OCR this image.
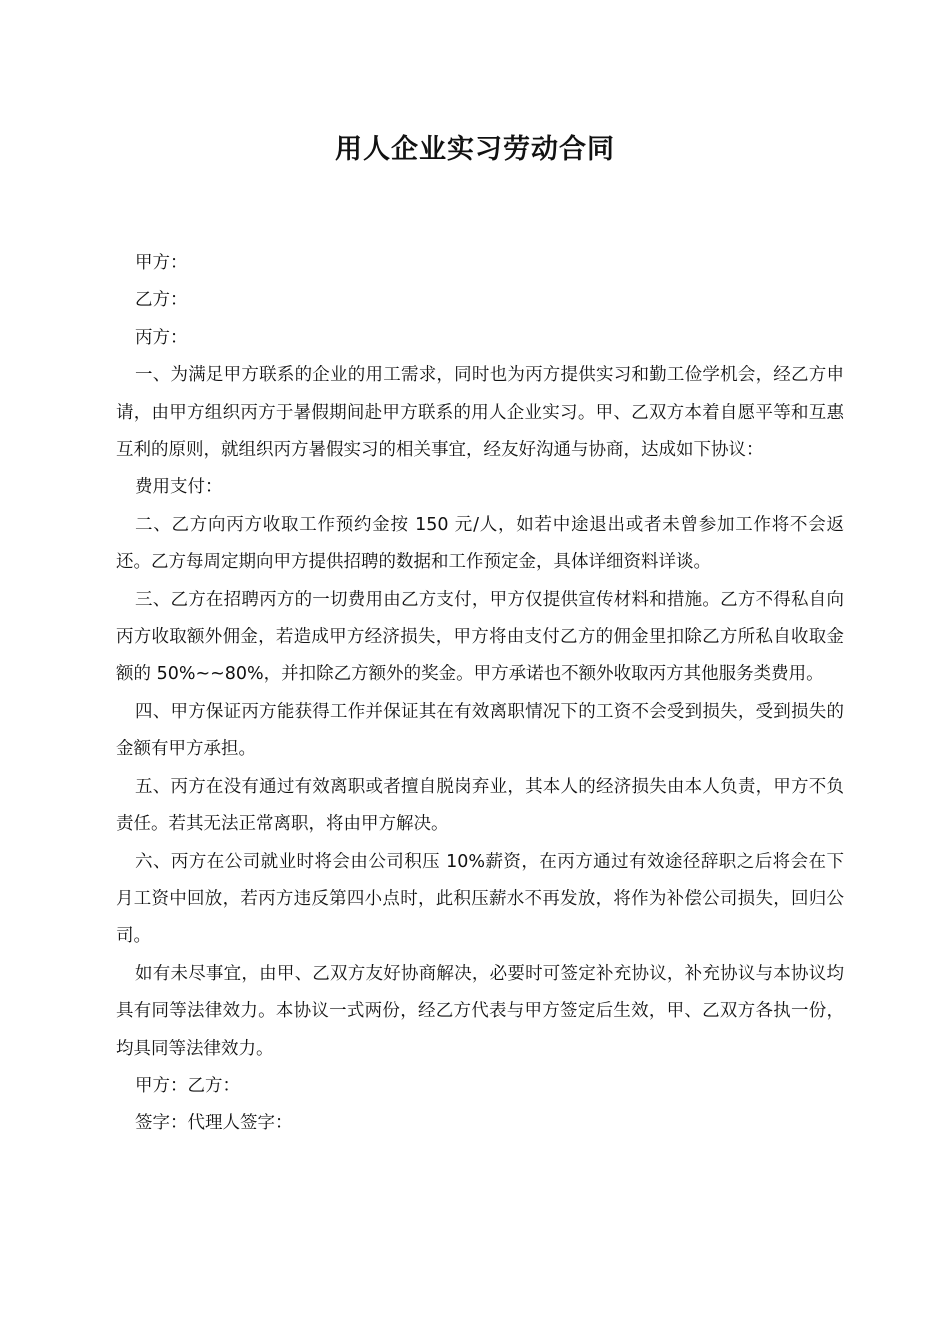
用人企业实习劳动合同

甲方：

乙方：

丙方：

一、为满足甲方联系的企业的用工需求，同时也为丙方提供实习和勤工俭学机会，经乙方申请，由甲方组织丙方于暑假期间赴甲方联系的用人企业实习。甲、乙双方本着自愿平等和互惠互利的原则，就组织丙方暑假实习的相关事宜，经友好沟通与协商，达成如下协议：

费用支付：

二、乙方向丙方收取工作预约金按 150 元/人，如若中途退出或者未曾参加工作将不会返还。乙方每周定期向甲方提供招聘的数据和工作预定金，具体详细资料详谈。

三、乙方在招聘丙方的一切费用由乙方支付，甲方仅提供宣传材料和措施。乙方不得私自向丙方收取额外佣金，若造成甲方经济损失，甲方将由支付乙方的佣金里扣除乙方所私自收取金额的 50%~~80%，并扣除乙方额外的奖金。甲方承诺也不额外收取丙方其他服务类费用。

四、甲方保证丙方能获得工作并保证其在有效离职情况下的工资不会受到损失，受到损失的金额有甲方承担。

五、丙方在没有通过有效离职或者擅自脱岗弃业，其本人的经济损失由本人负责，甲方不负责任。若其无法正常离职，将由甲方解决。

六、丙方在公司就业时将会由公司积压 10%薪资，在丙方通过有效途径辞职之后将会在下月工资中回放，若丙方违反第四小点时，此积压薪水不再发放，将作为补偿公司损失，回归公司。

如有未尽事宜，由甲、乙双方友好协商解决，必要时可签定补充协议，补充协议与本协议均具有同等法律效力。本协议一式两份，经乙方代表与甲方签定后生效，甲、乙双方各执一份，均具同等法律效力。

甲方：乙方：

签字：代理人签字：
